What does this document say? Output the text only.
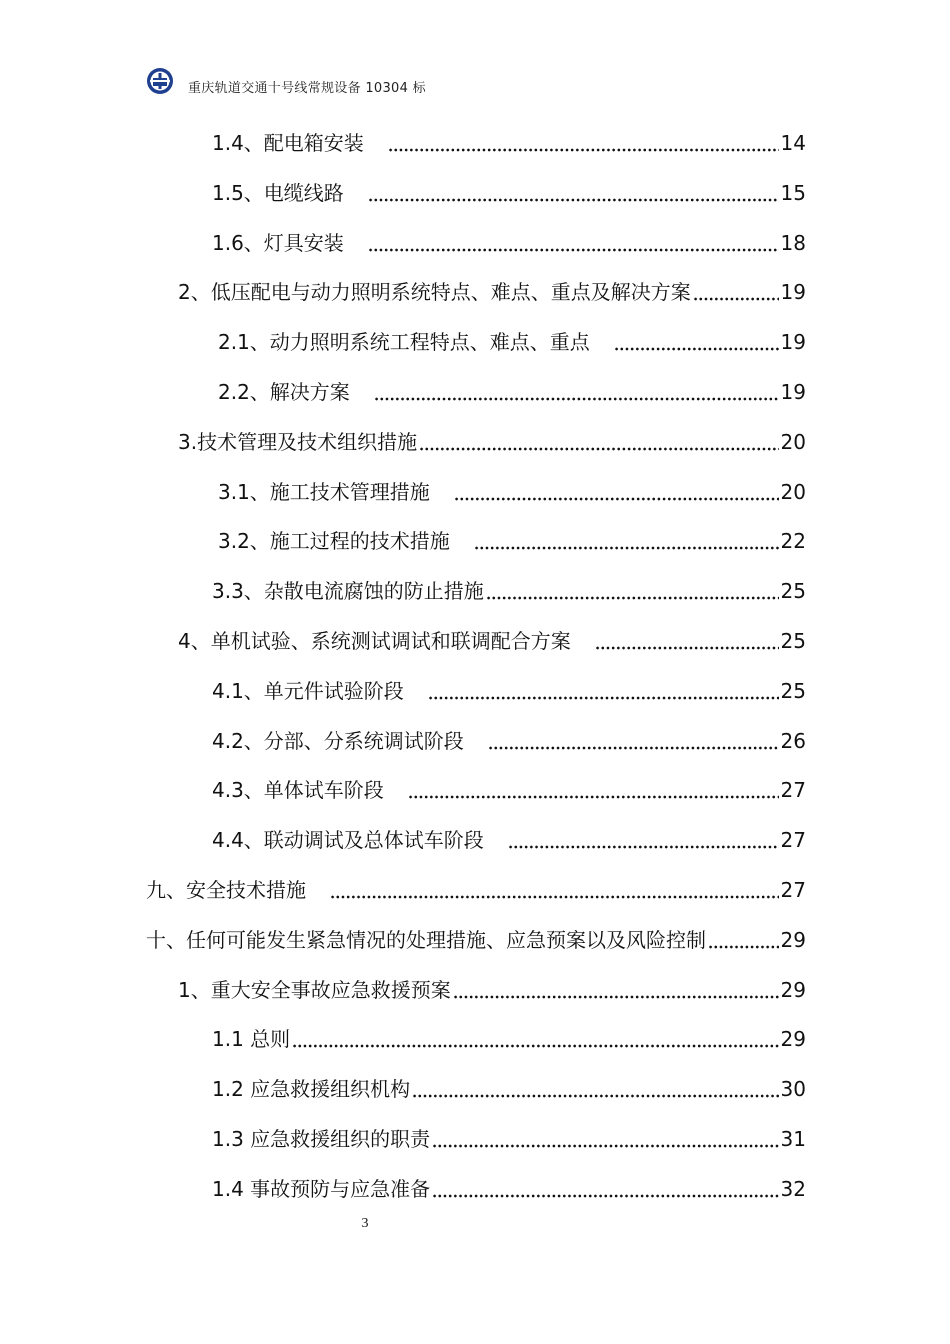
重庆轨道交通十号线常规设备 10304 标
1.4、配电箱安装	14
1.5、电缆线路	15
1.6、灯具安装	18
2、低压配电与动力照明系统特点、难点、重点及解决方案	19
2.1、动力照明系统工程特点、难点、重点	19
2.2、解决方案	19
3.技术管理及技术组织措施	20
3.1、施工技术管理措施	20
3.2、施工过程的技术措施	22
3.3、杂散电流腐蚀的防止措施	25
4、单机试验、系统测试调试和联调配合方案	25
4.1、单元件试验阶段	25
4.2、分部、分系统调试阶段	26
4.3、单体试车阶段	27
4.4、联动调试及总体试车阶段	27
九、安全技术措施	27
十、任何可能发生紧急情况的处理措施、应急预案以及风险控制	29
1、重大安全事故应急救援预案	29
1.1 总则	29
1.2 应急救援组织机构	30
1.3 应急救援组织的职责	31
1.4 事故预防与应急准备	32
3
